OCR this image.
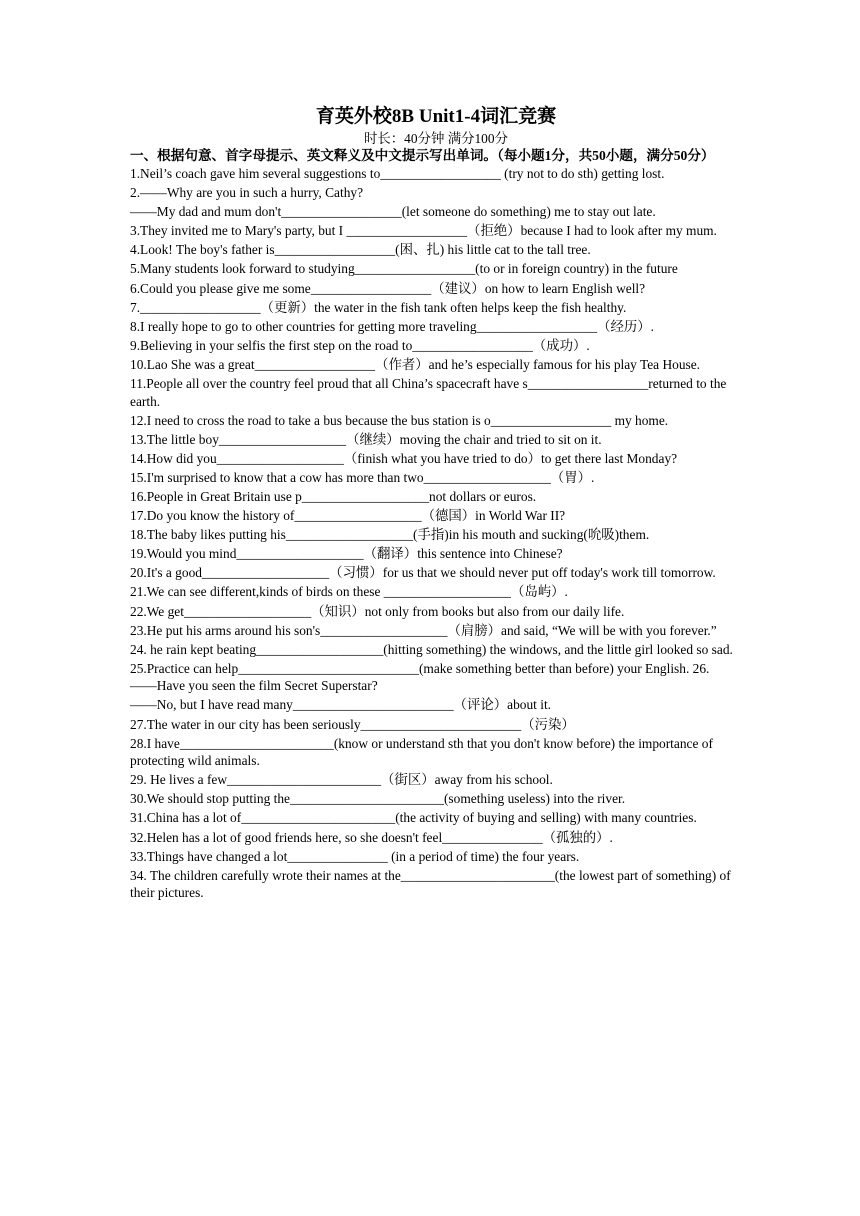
育英外校8B Unit1-4词汇竞赛
时长：40分钟 满分100分
一、根据句意、首字母提示、英文释义及中文提示写出单词。（每小题1分，共50小题，满分50分）
1.Neil’s coach gave him several suggestions to__________________ (try not to do sth) getting lost.
2.——Why are you in such a hurry, Cathy?
——My dad and mum don't__________________(let someone do something) me to stay out late.
3.They invited me to Mary's party, but I __________________（拒绝）because I had to look after my mum.
4.Look! The boy's father is__________________(困、扎) his little cat to the tall tree.
5.Many students look forward to studying__________________(to or in foreign country) in the future
6.Could you please give me some__________________（建议）on how to learn English well?
7.__________________（更新）the water in the fish tank often helps keep the fish healthy.
8.I really hope to go to other countries for getting more traveling__________________（经历）.
9.Believing in your selfis the first step on the road to__________________（成功）.
10.Lao She was a great__________________（作者）and he’s especially famous for his play Tea House.
11.People all over the country feel proud that all China’s spacecraft have s__________________returned to the earth.
12.I need to cross the road to take a bus because the bus station is o__________________ my home.
13.The little boy___________________（继续）moving the chair and tried to sit on it.
14.How did you___________________（finish what you have tried to do）to get there last Monday?
15.I'm surprised to know that a cow has more than two___________________（胃）.
16.People in Great Britain use p___________________not dollars or euros.
17.Do you know the history of___________________（德国）in World War II?
18.The baby likes putting his___________________(手指)in his mouth and sucking(吮吸)them.
19.Would you mind___________________（翻译）this sentence into Chinese?
20.It's a good___________________（习惯）for us that we should never put off today's work till tomorrow.
21.We can see different,kinds of birds on these ___________________（岛屿）.
22.We get___________________（知识）not only from books but also from our daily life.
23.He put his arms around his son's___________________（肩膀）and said, “We will be with you forever.”
24. he rain kept beating___________________(hitting something) the windows, and the little girl looked so sad.
25.Practice can help___________________________(make something better than before) your English. 26.——Have you seen the film Secret Superstar?
——No, but I have read many________________________（评论）about it.
27.The water in our city has been seriously________________________（污染）
28.I have_______________________(know or understand sth that you don't know before) the importance of protecting wild animals.
29. He lives a few_______________________（街区）away from his school.
30.We should stop putting the_______________________(something useless) into the river.
31.China has a lot of_______________________(the activity of buying and selling) with many countries.
32.Helen has a lot of good friends here, so she doesn't feel_______________（孤独的）.
33.Things have changed a lot_______________ (in a period of time) the four years.
34. The children carefully wrote their names at the_______________________(the lowest part of something) of their pictures.
